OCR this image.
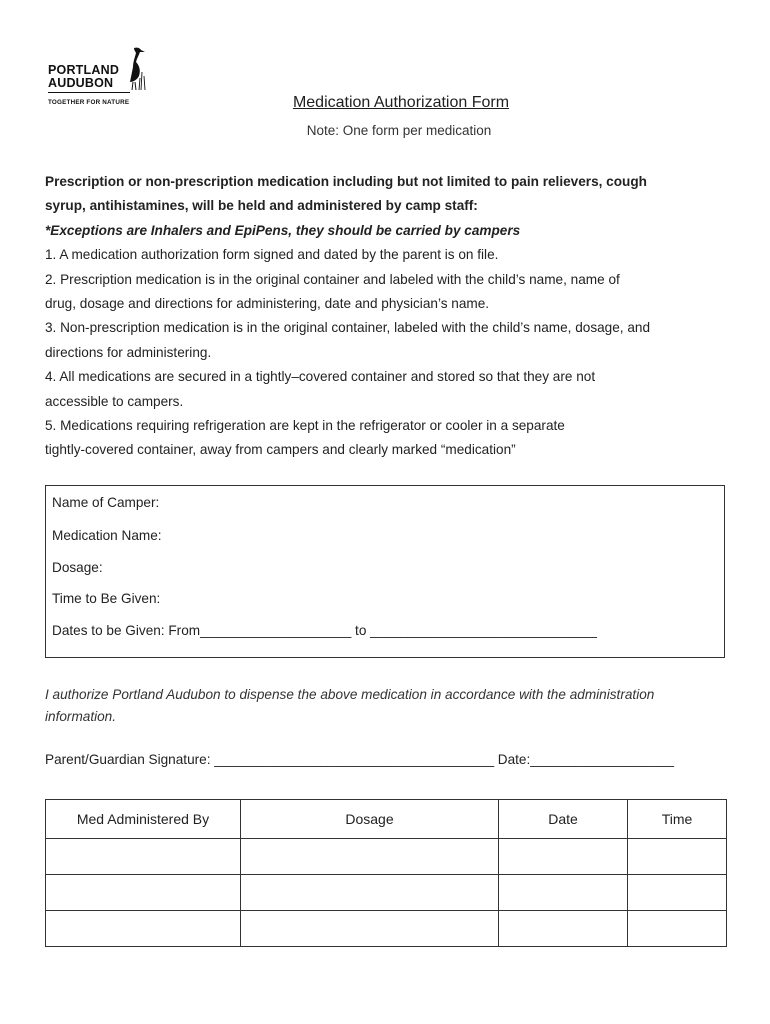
PORTLAND
AUDUBON
TOGETHER FOR NATURE	Medication Authorization Form
Note: One form per medication
Prescription or non-prescription medication including but not limited to pain relievers, cough
syrup, antihistamines, will be held and administered by camp staff:
*Exceptions are Inhalers and EpiPens, they should be carried by campers
1. A medication authorization form signed and dated by the parent is on file.
2. Prescription medication is in the original container and labeled with the child’s name, name of
drug, dosage and directions for administering, date and physician’s name.
3. Non-prescription medication is in the original container, labeled with the child’s name, dosage, and
directions for administering.
4. All medications are secured in a tightly–covered container and stored so that they are not
accessible to campers.
5. Medications requiring refrigeration are kept in the refrigerator or cooler in a separate
tightly-covered container, away from campers and clearly marked “medication”
Name of Camper:
Medication Name:
Dosage:
Time to Be Given:
Dates to be Given: From____________________ to ______________________________
I authorize Portland Audubon to dispense the above medication in accordance with the administration information.
Parent/Guardian Signature: _____________________________________ Date:___________________
Med Administered By	Dosage	Date	Time
